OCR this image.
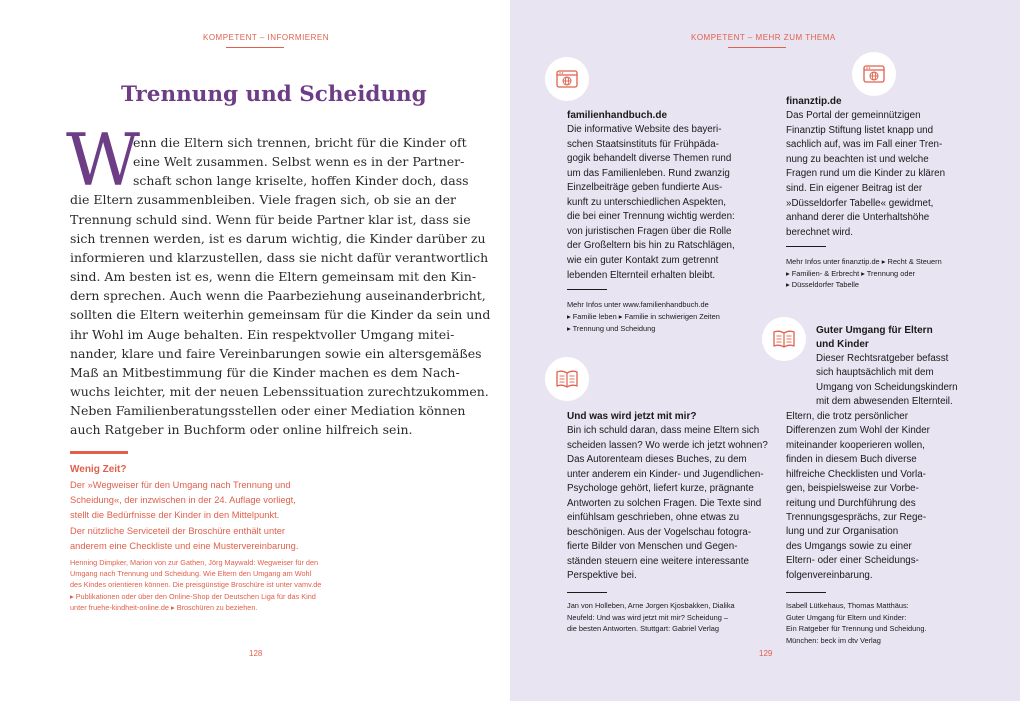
KOMPETENT – INFORMIEREN
Trennung und Scheidung
W
enn die Eltern sich trennen, bricht für die Kinder oft
eine Welt zusammen. Selbst wenn es in der Partner-
schaft schon lange kriselte, hoffen Kinder doch, dass
die Eltern zusammenbleiben. Viele fragen sich, ob sie an der
Trennung schuld sind. Wenn für beide Partner klar ist, dass sie
sich trennen werden, ist es darum wichtig, die Kinder darüber zu
informieren und klarzustellen, dass sie nicht dafür verantwortlich
sind. Am besten ist es, wenn die Eltern gemeinsam mit den Kin-
dern sprechen. Auch wenn die Paarbeziehung auseinanderbricht,
sollten die Eltern weiterhin gemeinsam für die Kinder da sein und
ihr Wohl im Auge behalten. Ein respektvoller Umgang mitei-
nander, klare und faire Vereinbarungen sowie ein altersgemäßes
Maß an Mitbestimmung für die Kinder machen es dem Nach-
wuchs leichter, mit der neuen Lebenssituation zurechtzukommen.
Neben Familienberatungsstellen oder einer Mediation können
auch Ratgeber in Buchform oder online hilfreich sein.
Wenig Zeit?
Der »Wegweiser für den Umgang nach Trennung und
Scheidung«, der inzwischen in der 24. Auflage vorliegt,
stellt die Bedürfnisse der Kinder in den Mittelpunkt.
Der nützliche Serviceteil der Broschüre enthält unter
anderem eine Checkliste und eine Mustervereinbarung.
Henning Dimpker, Marion von zur Gathen, Jörg Maywald: Wegweiser für den
Umgang nach Trennung und Scheidung. Wie Eltern den Umgang am Wohl
des Kindes orientieren können. Die preisgünstige Broschüre ist unter vamv.de
▸ Publikationen oder über den Online-Shop der Deutschen Liga für das Kind
unter fruehe-kindheit-online.de ▸ Broschüren zu beziehen.
128
KOMPETENT – MEHR ZUM THEMA
familienhandbuch.de
Die informative Website des bayeri-
schen Staatsinstituts für Frühpäda-
gogik behandelt diverse Themen rund
um das Familienleben. Rund zwanzig
Einzelbeiträge geben fundierte Aus-
kunft zu unterschiedlichen Aspekten,
die bei einer Trennung wichtig werden:
von juristischen Fragen über die Rolle
der Großeltern bis hin zu Ratschlägen,
wie ein guter Kontakt zum getrennt
lebenden Elternteil erhalten bleibt.
Mehr Infos unter www.familienhandbuch.de
▸ Familie leben ▸ Familie in schwierigen Zeiten
▸ Trennung und Scheidung
finanztip.de
Das Portal der gemeinnützigen
Finanztip Stiftung listet knapp und
sachlich auf, was im Fall einer Tren-
nung zu beachten ist und welche
Fragen rund um die Kinder zu klären
sind. Ein eigener Beitrag ist der
»Düsseldorfer Tabelle« gewidmet,
anhand derer die Unterhaltshöhe
berechnet wird.
Mehr Infos unter finanztip.de ▸ Recht & Steuern
▸ Familien- & Erbrecht ▸ Trennung oder
▸ Düsseldorfer Tabelle
Und was wird jetzt mit mir?
Bin ich schuld daran, dass meine Eltern sich
scheiden lassen? Wo werde ich jetzt wohnen?
Das Autorenteam dieses Buches, zu dem
unter anderem ein Kinder- und Jugendlichen-
Psychologe gehört, liefert kurze, prägnante
Antworten zu solchen Fragen. Die Texte sind
einfühlsam geschrieben, ohne etwas zu
beschönigen. Aus der Vogelschau fotogra-
fierte Bilder von Menschen und Gegen-
ständen steuern eine weitere interessante
Perspektive bei.
Jan von Holleben, Arne Jorgen Kjosbakken, Dialika
Neufeld: Und was wird jetzt mit mir? Scheidung –
die besten Antworten. Stuttgart: Gabriel Verlag
Guter Umgang für Eltern
und Kinder
Dieser Rechtsratgeber befasst
sich hauptsächlich mit dem
Umgang von Scheidungskindern
mit dem abwesenden Elternteil.
Eltern, die trotz persönlicher
Differenzen zum Wohl der Kinder
miteinander kooperieren wollen,
finden in diesem Buch diverse
hilfreiche Checklisten und Vorla-
gen, beispielsweise zur Vorbe-
reitung und Durchführung des
Trennungsgesprächs, zur Rege-
lung und zur Organisation
des Umgangs sowie zu einer
Eltern- oder einer Scheidungs-
folgenvereinbarung.
Isabell Lütkehaus, Thomas Matthäus:
Guter Umgang für Eltern und Kinder:
Ein Ratgeber für Trennung und Scheidung.
München: beck im dtv Verlag
129
